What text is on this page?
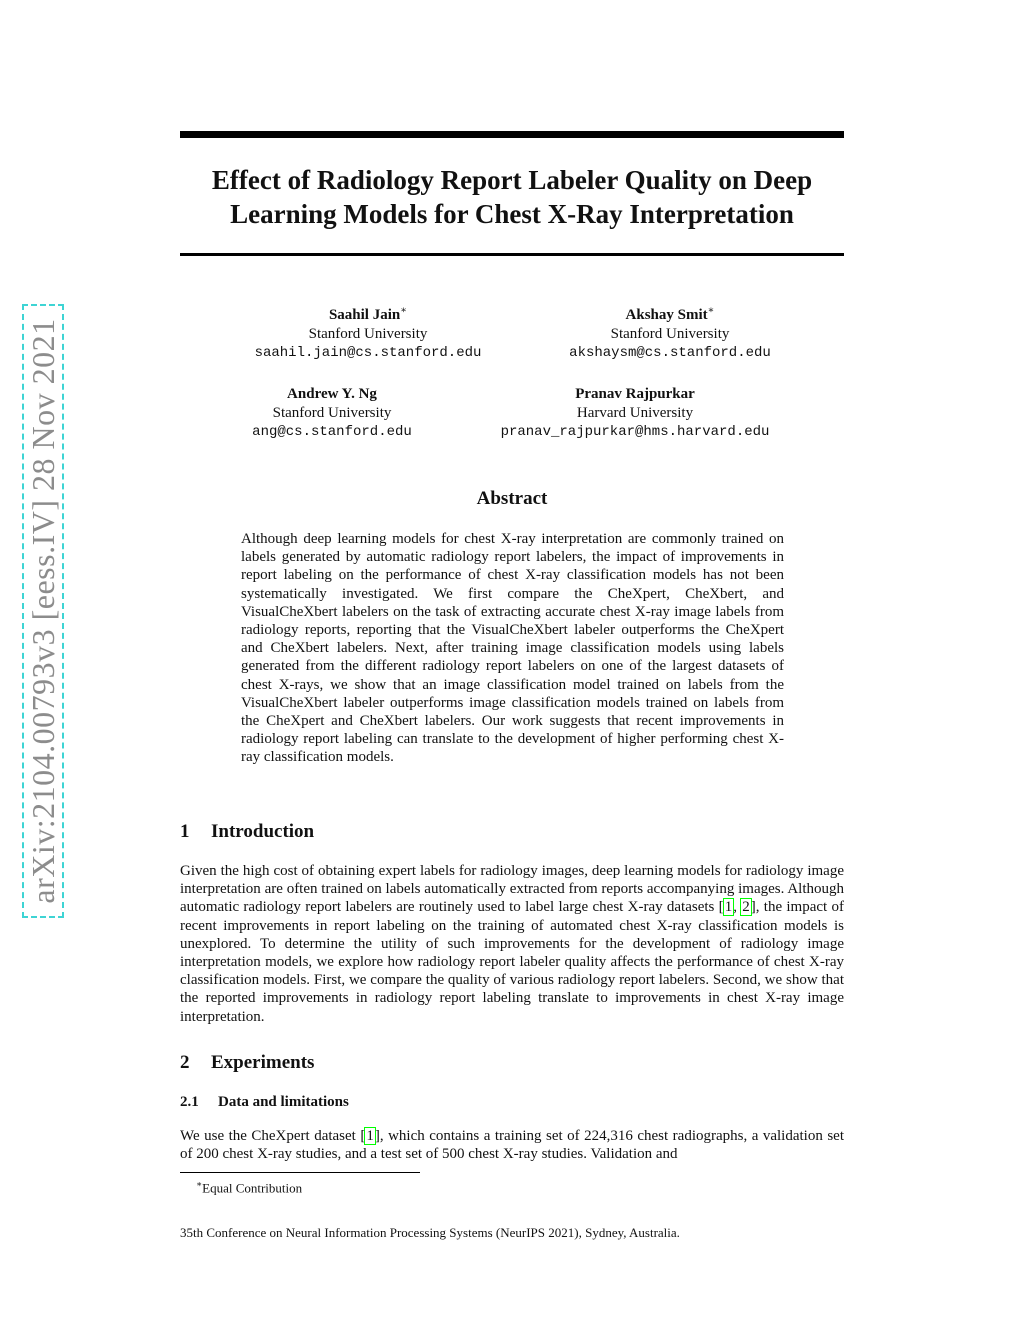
arXiv:2104.00793v3 [eess.IV] 28 Nov 2021
Effect of Radiology Report Labeler Quality on Deep
Learning Models for Chest X-Ray Interpretation
Saahil Jain∗
Stanford University
saahil.jain@cs.stanford.edu
Akshay Smit∗
Stanford University
akshaysm@cs.stanford.edu
Andrew Y. Ng
Stanford University
ang@cs.stanford.edu
Pranav Rajpurkar
Harvard University
pranav_rajpurkar@hms.harvard.edu
Abstract

Although deep learning models for chest X-ray interpretation are commonly trained on labels generated by automatic radiology report labelers, the impact of improvements in report labeling on the performance of chest X-ray classification models has not been systematically investigated. We first compare the CheXpert, CheXbert, and VisualCheXbert labelers on the task of extracting accurate chest X-ray image labels from radiology reports, reporting that the VisualCheXbert labeler outperforms the CheXpert and CheXbert labelers. Next, after training image classification models using labels generated from the different radiology report labelers on one of the largest datasets of chest X-rays, we show that an image classification model trained on labels from the VisualCheXbert labeler outperforms image classification models trained on labels from the CheXpert and CheXbert labelers. Our work suggests that recent improvements in radiology report labeling can translate to the development of higher performing chest X-ray classification models.

1 Introduction

Given the high cost of obtaining expert labels for radiology images, deep learning models for radiology image interpretation are often trained on labels automatically extracted from reports accompanying images. Although automatic radiology report labelers are routinely used to label large chest X-ray datasets [1, 2], the impact of recent improvements in report labeling on the training of automated chest X-ray classification models is unexplored. To determine the utility of such improvements for the development of radiology image interpretation models, we explore how radiology report labeler quality affects the performance of chest X-ray classification models. First, we compare the quality of various radiology report labelers. Second, we show that the reported improvements in radiology report labeling translate to improvements in chest X-ray image interpretation.

2 Experiments
2.1 Data and limitations

We use the CheXpert dataset [1], which contains a training set of 224,316 chest radiographs, a validation set of 200 chest X-ray studies, and a test set of 500 chest X-ray studies. Validation and

∗Equal Contribution
35th Conference on Neural Information Processing Systems (NeurIPS 2021), Sydney, Australia.
